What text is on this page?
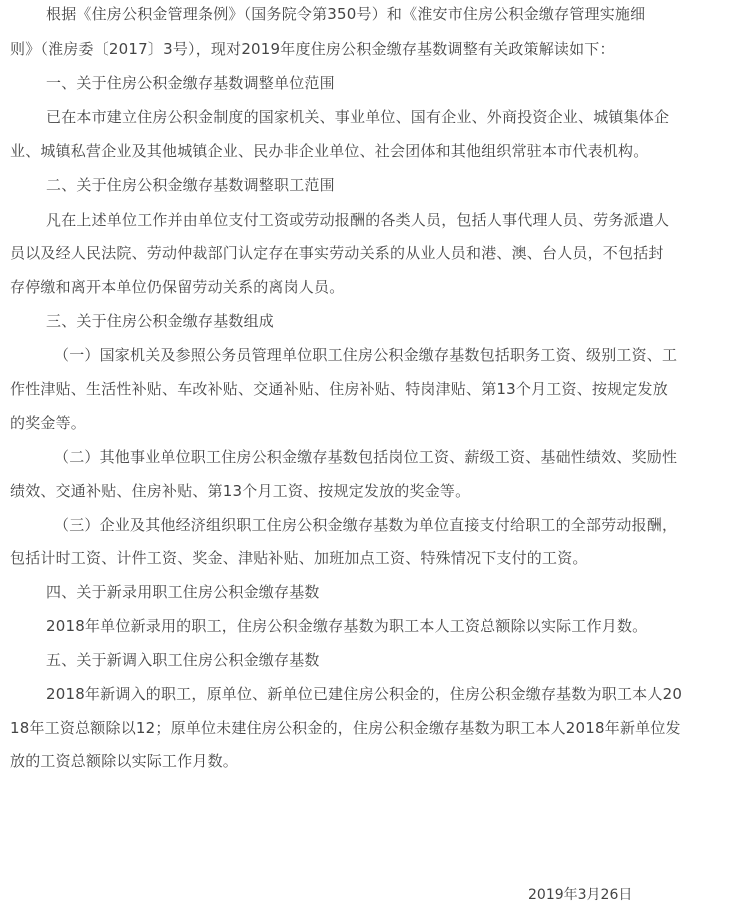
根据《住房公积金管理条例》（国务院令第350号）和《淮安市住房公积金缴存管理实施细
则》（淮房委〔2017〕3号），现对2019年度住房公积金缴存基数调整有关政策解读如下：
一、关于住房公积金缴存基数调整单位范围
已在本市建立住房公积金制度的国家机关、事业单位、国有企业、外商投资企业、城镇集体企
业、城镇私营企业及其他城镇企业、民办非企业单位、社会团体和其他组织常驻本市代表机构。
二、关于住房公积金缴存基数调整职工范围
凡在上述单位工作并由单位支付工资或劳动报酬的各类人员，包括人事代理人员、劳务派遣人
员以及经人民法院、劳动仲裁部门认定存在事实劳动关系的从业人员和港、澳、台人员，不包括封
存停缴和离开本单位仍保留劳动关系的离岗人员。
三、关于住房公积金缴存基数组成
（一）国家机关及参照公务员管理单位职工住房公积金缴存基数包括职务工资、级别工资、工
作性津贴、生活性补贴、车改补贴、交通补贴、住房补贴、特岗津贴、第13个月工资、按规定发放
的奖金等。
（二）其他事业单位职工住房公积金缴存基数包括岗位工资、薪级工资、基础性绩效、奖励性
绩效、交通补贴、住房补贴、第13个月工资、按规定发放的奖金等。
（三）企业及其他经济组织职工住房公积金缴存基数为单位直接支付给职工的全部劳动报酬，
包括计时工资、计件工资、奖金、津贴补贴、加班加点工资、特殊情况下支付的工资。
四、关于新录用职工住房公积金缴存基数
2018年单位新录用的职工，住房公积金缴存基数为职工本人工资总额除以实际工作月数。
五、关于新调入职工住房公积金缴存基数
2018年新调入的职工，原单位、新单位已建住房公积金的，住房公积金缴存基数为职工本人20
18年工资总额除以12；原单位未建住房公积金的，住房公积金缴存基数为职工本人2018年新单位发
放的工资总额除以实际工作月数。
2019年3月26日
